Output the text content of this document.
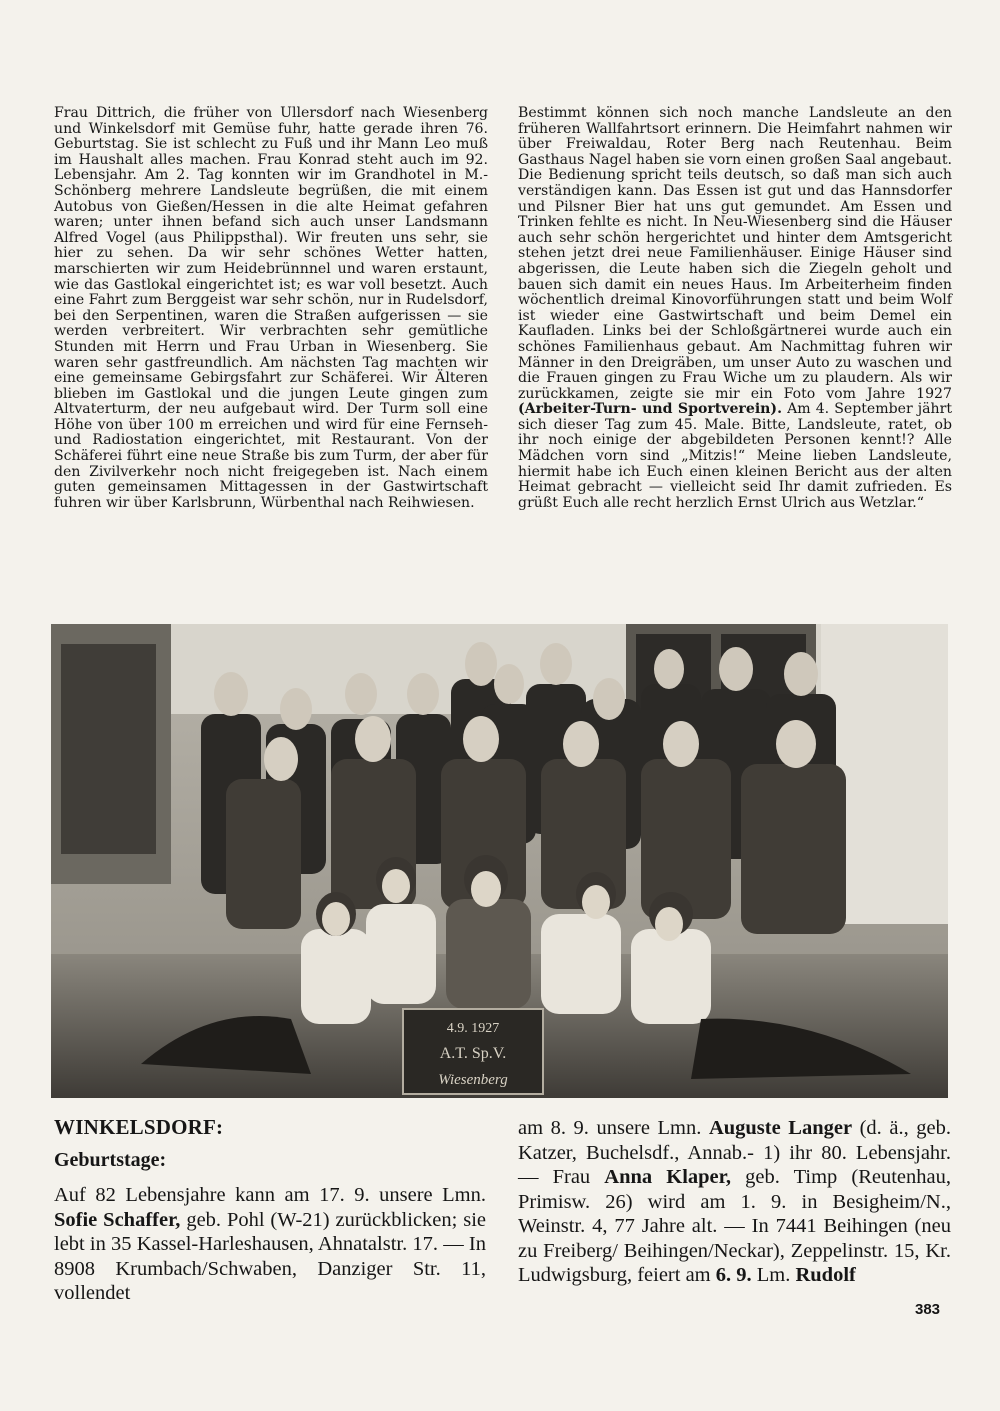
Frau Dittrich, die früher von Ullersdorf nach Wiesenberg und Winkelsdorf mit Gemüse fuhr, hatte gerade ihren 76. Geburtstag. Sie ist schlecht zu Fuß und ihr Mann Leo muß im Haushalt alles machen. Frau Konrad steht auch im 92. Lebensjahr. Am 2. Tag konnten wir im Grandhotel in M.-Schönberg mehrere Landsleute begrüßen, die mit einem Autobus von Gießen/Hessen in die alte Heimat gefahren waren; unter ihnen befand sich auch unser Landsmann Alfred Vogel (aus Philippsthal). Wir freuten uns sehr, sie hier zu sehen. Da wir sehr schönes Wetter hatten, marschierten wir zum Heidebrünnnel und waren erstaunt, wie das Gastlokal eingerichtet ist; es war voll besetzt. Auch eine Fahrt zum Berggeist war sehr schön, nur in Rudelsdorf, bei den Serpentinen, waren die Straßen aufgerissen — sie werden verbreitert. Wir verbrachten sehr gemütliche Stunden mit Herrn und Frau Urban in Wiesenberg. Sie waren sehr gastfreundlich. Am nächsten Tag machten wir eine gemeinsame Gebirgsfahrt zur Schäferei. Wir Älteren blieben im Gastlokal und die jungen Leute gingen zum Altvaterturm, der neu aufgebaut wird. Der Turm soll eine Höhe von über 100 m erreichen und wird für eine Fernseh- und Radiostation eingerichtet, mit Restaurant. Von der Schäferei führt eine neue Straße bis zum Turm, der aber für den Zivilverkehr noch nicht freigegeben ist. Nach einem guten gemeinsamen Mittagessen in der Gastwirtschaft fuhren wir über Karlsbrunn, Würbenthal nach Reihwiesen.

Bestimmt können sich noch manche Landsleute an den früheren Wallfahrtsort erinnern. Die Heimfahrt nahmen wir über Freiwaldau, Roter Berg nach Reutenhau. Beim Gasthaus Nagel haben sie vorn einen großen Saal angebaut. Die Bedienung spricht teils deutsch, so daß man sich auch verständigen kann. Das Essen ist gut und das Hannsdorfer und Pilsner Bier hat uns gut gemundet. Am Essen und Trinken fehlte es nicht. In Neu-Wiesenberg sind die Häuser auch sehr schön hergerichtet und hinter dem Amtsgericht stehen jetzt drei neue Familienhäuser. Einige Häuser sind abgerissen, die Leute haben sich die Ziegeln geholt und bauen sich damit ein neues Haus. Im Arbeiterheim finden wöchentlich dreimal Kinovorführungen statt und beim Wolf ist wieder eine Gastwirtschaft und beim Demel ein Kaufladen. Links bei der Schloßgärtnerei wurde auch ein schönes Familienhaus gebaut. Am Nachmittag fuhren wir Männer in den Dreigräben, um unser Auto zu waschen und die Frauen gingen zu Frau Wiche um zu plaudern. Als wir zurückkamen, zeigte sie mir ein Foto vom Jahre 1927 (Arbeiter-Turn- und Sportverein). Am 4. September jährt sich dieser Tag zum 45. Male. Bitte, Landsleute, ratet, ob ihr noch einige der abgebildeten Personen kennt!? Alle Mädchen vorn sind „Mitzis!“ Meine lieben Landsleute, hiermit habe ich Euch einen kleinen Bericht aus der alten Heimat gebracht — vielleicht seid Ihr damit zufrieden. Es grüßt Euch alle recht herzlich Ernst Ulrich aus Wetzlar.“

4.9. 1927
A.T. Sp.V.
Wiesenberg
WINKELSDORF:
Geburtstage:

Auf 82 Lebensjahre kann am 17. 9. unsere Lmn. Sofie Schaffer, geb. Pohl (W-21) zurückblicken; sie lebt in 35 Kassel-Harleshausen, Ahnatalstr. 17. — In 8908 Krumbach/Schwaben, Danziger Str. 11, vollendet

am 8. 9. unsere Lmn. Auguste Langer (d. ä., geb. Katzer, Buchelsdf., Annab.- 1) ihr 80. Lebensjahr. — Frau Anna Klaper, geb. Timp (Reutenhau, Primisw. 26) wird am 1. 9. in Besigheim/N., Weinstr. 4, 77 Jahre alt. — In 7441 Beihingen (neu zu Freiberg/ Beihingen/Neckar), Zeppelinstr. 15, Kr. Ludwigsburg, feiert am 6. 9. Lm. Rudolf

383
